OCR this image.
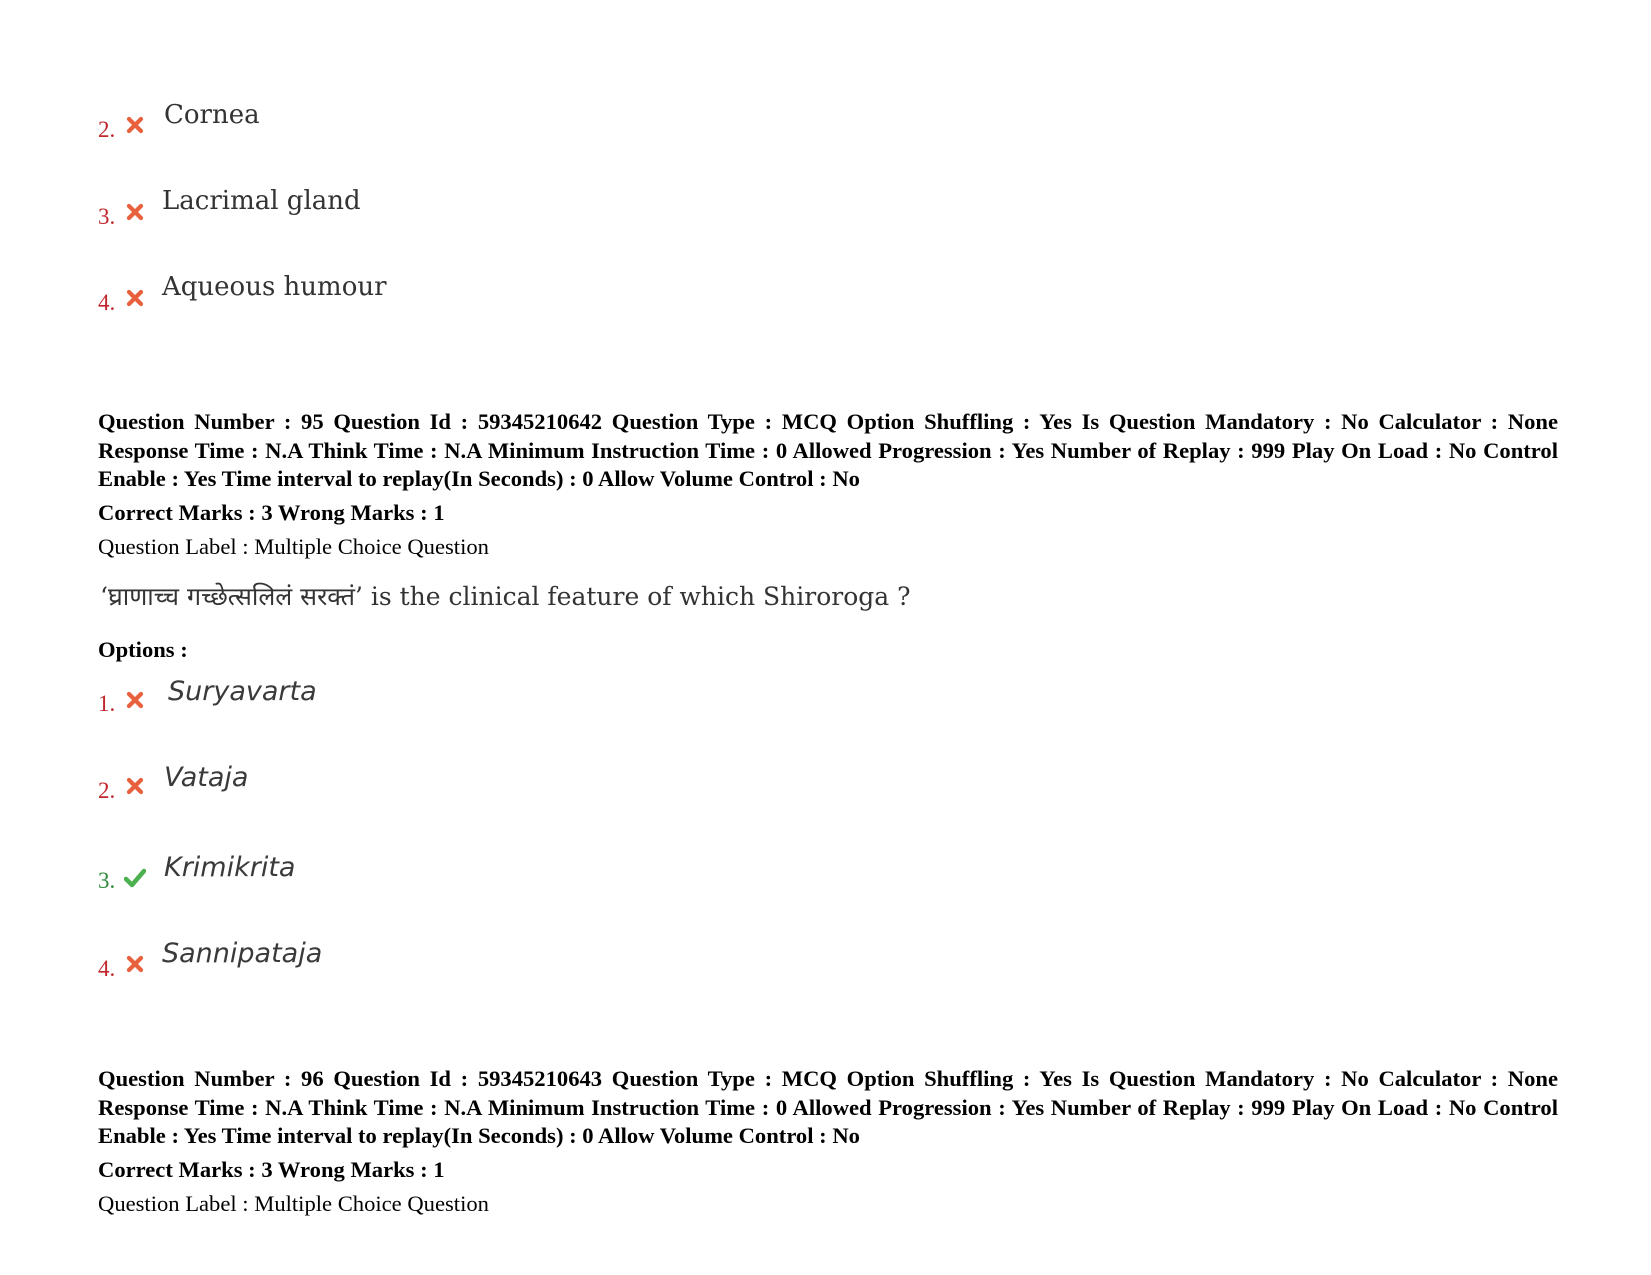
2. Cornea
3.
Lacrimal gland
4.
Aqueous humour
Question Number : 95 Question Id : 59345210642 Question Type : MCQ Option Shuffling : Yes Is Question Mandatory : No Calculator : None Response Time : N.A Think Time : N.A Minimum Instruction Time : 0 Allowed Progression : Yes Number of Replay : 999 Play On Load : No Control Enable : Yes Time interval to replay(In Seconds) : 0 Allow Volume Control : No
Correct Marks : 3 Wrong Marks : 1
Question Label : Multiple Choice Question
‘घ्राणाच्च गच्छेत्सलिलं सरक्तं’ is the clinical feature of which Shiroroga ?
Options :
1. Suryavarta
2. Vataja
3. Krimikrita
4. Sannipataja
Question Number : 96 Question Id : 59345210643 Question Type : MCQ Option Shuffling : Yes Is Question Mandatory : No Calculator : None Response Time : N.A Think Time : N.A Minimum Instruction Time : 0 Allowed Progression : Yes Number of Replay : 999 Play On Load : No Control Enable : Yes Time interval to replay(In Seconds) : 0 Allow Volume Control : No
Correct Marks : 3 Wrong Marks : 1
Question Label : Multiple Choice Question
